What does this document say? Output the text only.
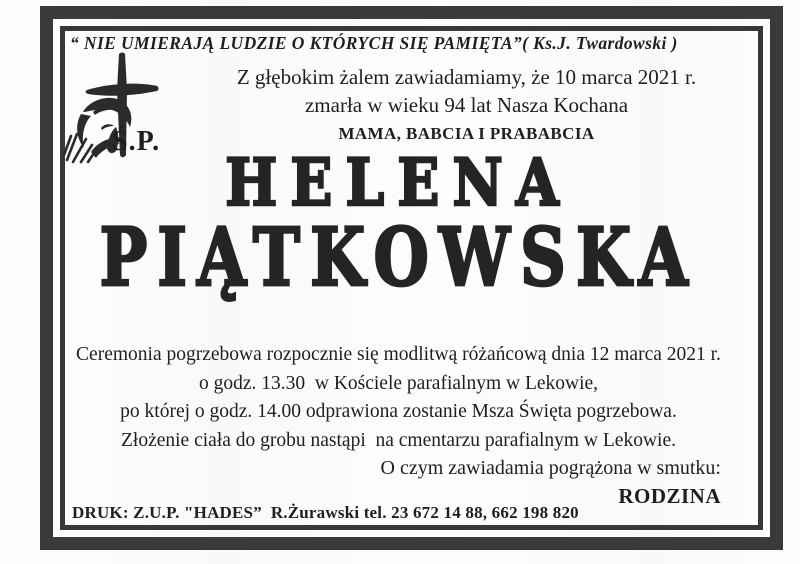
“ NIE UMIERAJĄ LUDZIE O KTÓRYCH SIĘ PAMIĘTA”( Ks.J. Twardowski )
Ś.P.
Z głębokim żalem zawiadamiamy, że 10 marca 2021 r.
zmarła w wieku 94 lat Nasza Kochana
MAMA, BABCIA I PRABABCIA
HELENA
PIĄTKOWSKA
Ceremonia pogrzebowa rozpocznie się modlitwą różańcową dnia 12 marca 2021 r.
o godz. 13.30  w Kościele parafialnym w Lekowie,
po której o godz. 14.00 odprawiona zostanie Msza Święta pogrzebowa.
Złożenie ciała do grobu nastąpi  na cmentarzu parafialnym w Lekowie.
O czym zawiadamia pogrążona w smutku:
RODZINA
DRUK: Z.U.P. "HADES”  R.Żurawski tel. 23 672 14 88, 662 198 820
